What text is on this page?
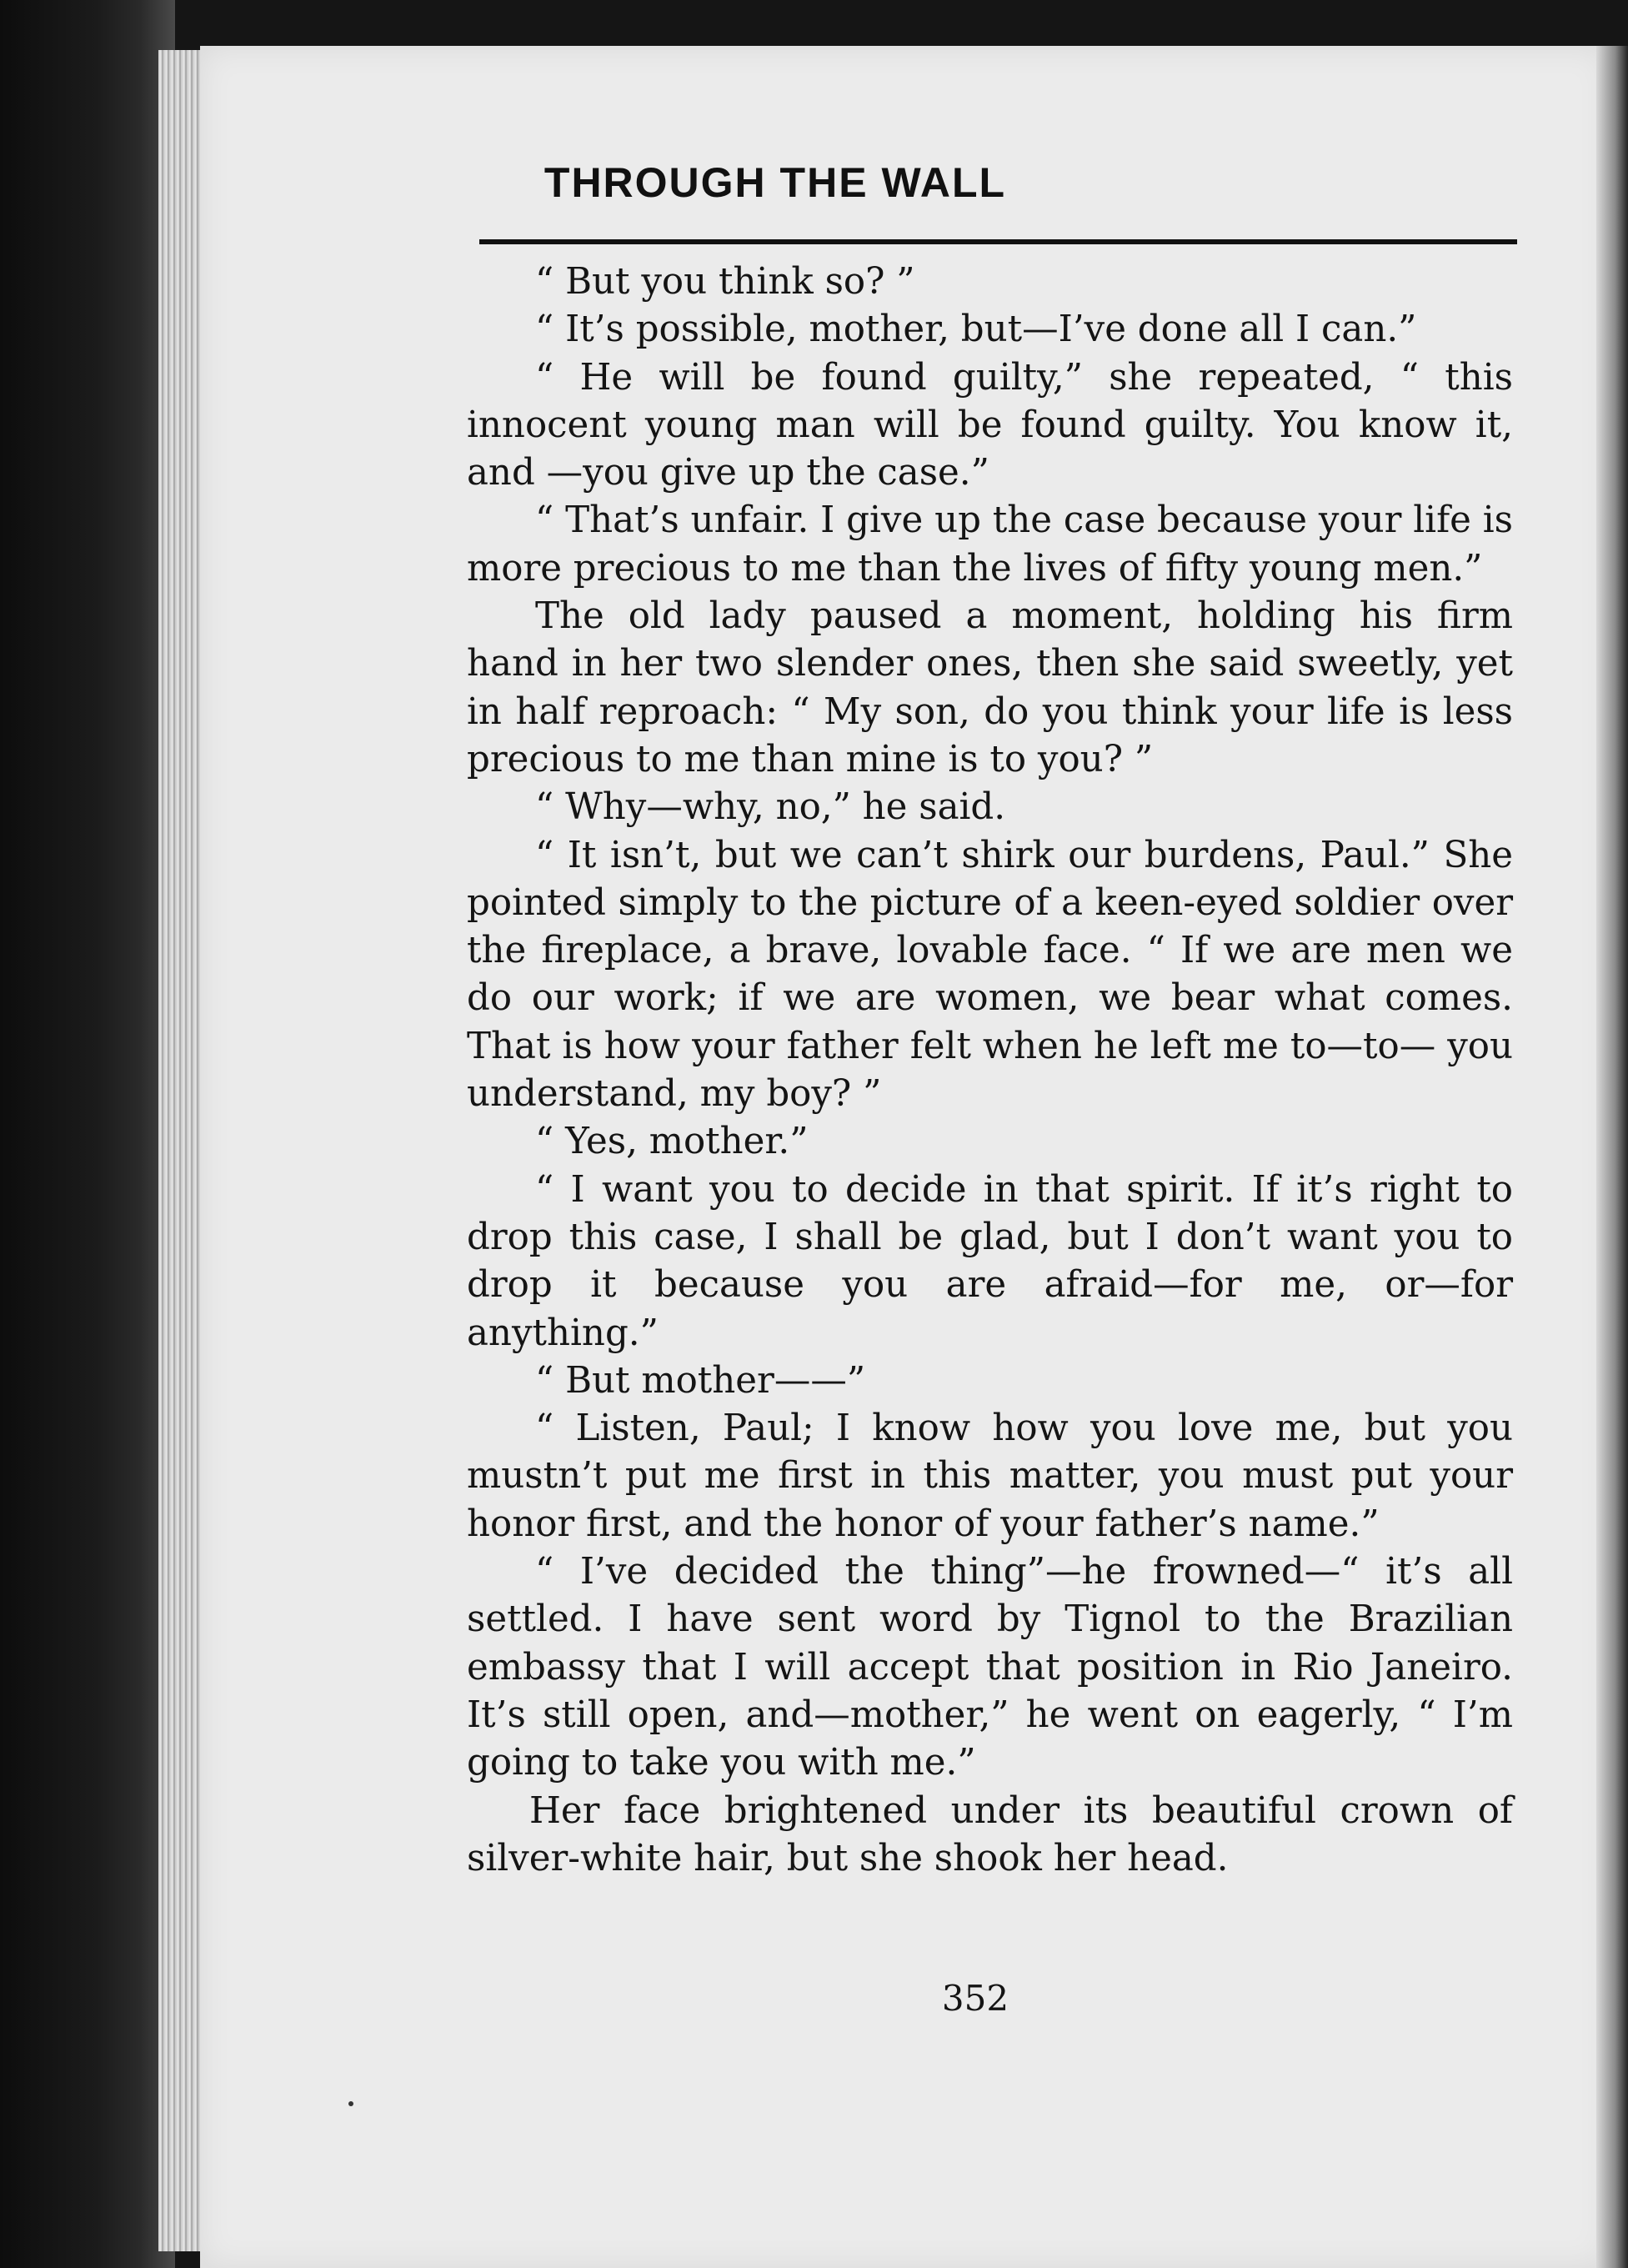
THROUGH THE WALL

“ But you think so? ”

“ It’s possible, mother, but—I’ve done all I can.”

“ He will be found guilty,” she repeated, “ this innocent young man will be found guilty. You know it, and —you give up the case.”

“ That’s unfair. I give up the case because your life is more precious to me than the lives of fifty young men.”

The old lady paused a moment, holding his firm hand in her two slender ones, then she said sweetly, yet in half reproach: “ My son, do you think your life is less precious to me than mine is to you? ”

“ Why—why, no,” he said.

“ It isn’t, but we can’t shirk our burdens, Paul.” She pointed simply to the picture of a keen-eyed soldier over the fireplace, a brave, lovable face. “ If we are men we do our work; if we are women, we bear what comes. That is how your father felt when he left me to—to— you understand, my boy? ”

“ Yes, mother.”

“ I want you to decide in that spirit. If it’s right to drop this case, I shall be glad, but I don’t want you to drop it because you are afraid—for me, or—for anything.”

“ But mother——”

“ Listen, Paul; I know how you love me, but you mustn’t put me first in this matter, you must put your honor first, and the honor of your father’s name.”

“ I’ve decided the thing”—he frowned—“ it’s all settled. I have sent word by Tignol to the Brazilian embassy that I will accept that position in Rio Janeiro. It’s still open, and—mother,” he went on eagerly, “ I’m going to take you with me.”

Her face brightened under its beautiful crown of silver-white hair, but she shook her head.

352
